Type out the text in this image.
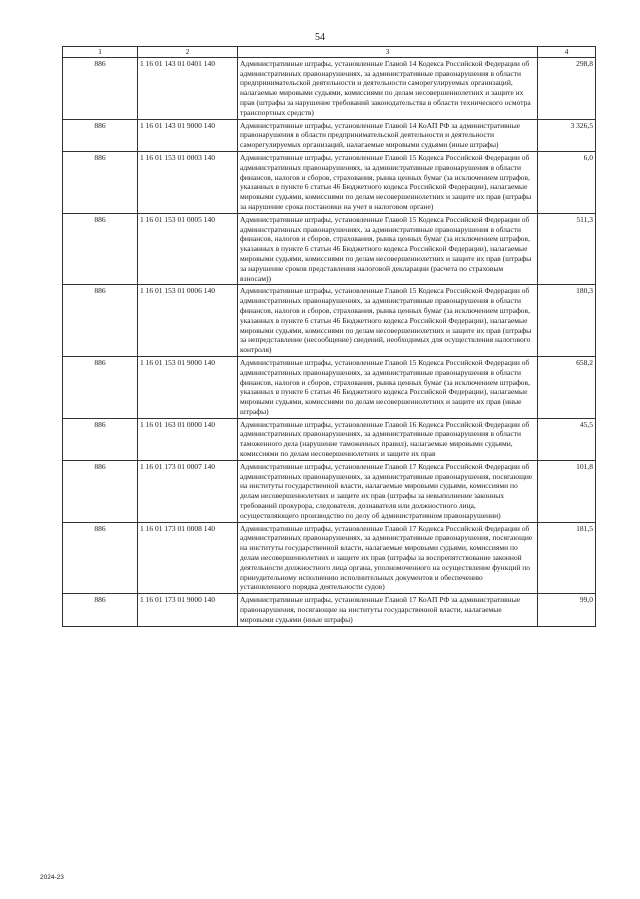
54
1	2	3	4
886	1 16 01 143 01 0401 140	Административные штрафы, установленные Главой 14 Кодекса Российской Федерации об административных правонарушениях, за административные правонарушения в области предпринимательской деятельности и деятельности саморегулируемых организаций, налагаемые мировыми судьями, комиссиями по делам несовершеннолетних и защите их прав (штрафы за нарушение требований законодательства в области технического осмотра транспортных средств)	298,8
886	1 16 01 143 01 9000 140	Административные штрафы, установленные Главой 14 КоАП РФ за административные правонарушения в области предпринимательской деятельности и деятельности саморегулируемых организаций, налагаемые мировыми судьями (иные штрафы)	3 326,5
886	1 16 01 153 01 0003 140	Административные штрафы, установленные Главой 15 Кодекса Российской Федерации об административных правонарушениях, за административные правонарушения в области финансов, налогов и сборов, страхования, рынка ценных бумаг (за исключением штрафов, указанных в пункте 6 статьи 46 Бюджетного кодекса Российской Федерации), налагаемые мировыми судьями, комиссиями по делам несовершеннолетних и защите их прав (штрафы за нарушение срока постановки на учет в налоговом органе)	6,0
886	1 16 01 153 01 0005 140	Административные штрафы, установленные Главой 15 Кодекса Российской Федерации об административных правонарушениях, за административные правонарушения в области финансов, налогов и сборов, страхования, рынка ценных бумаг (за исключением штрафов, указанных в пункте 6 статьи 46 Бюджетного кодекса Российской Федерации), налагаемые мировыми судьями, комиссиями по делам несовершеннолетних и защите их прав (штрафы за нарушение сроков представления налоговой декларации (расчета по страховым взносам))	511,3
886	1 16 01 153 01 0006 140	Административные штрафы, установленные Главой 15 Кодекса Российской Федерации об административных правонарушениях, за административные правонарушения в области финансов, налогов и сборов, страхования, рынка ценных бумаг (за исключением штрафов, указанных в пункте 6 статьи 46 Бюджетного кодекса Российской Федерации), налагаемые мировыми судьями, комиссиями по делам несовершеннолетних и защите их прав (штрафы за непредставление (несообщение) сведений, необходимых для осуществления налогового контроля)	180,3
886	1 16 01 153 01 9000 140	Административные штрафы, установленные Главой 15 Кодекса Российской Федерации об административных правонарушениях, за административные правонарушения в области финансов, налогов и сборов, страхования, рынка ценных бумаг (за исключением штрафов, указанных в пункте 6 статьи 46 Бюджетного кодекса Российской Федерации), налагаемые мировыми судьями, комиссиями по делам несовершеннолетних и защите их прав (иные штрафы)	658,2
886	1 16 01 163 01 0000 140	Административные штрафы, установленные Главой 16 Кодекса Российской Федерации об административных правонарушениях, за административные правонарушения в области таможенного дела (нарушение таможенных правил), налагаемые мировыми судьями, комиссиями по делам несовершеннолетних и защите их прав	45,5
886	1 16 01 173 01 0007 140	Административные штрафы, установленные Главой 17 Кодекса Российской Федерации об административных правонарушениях, за административные правонарушения, посягающие на институты государственной власти, налагаемые мировыми судьями, комиссиями по делам несовершеннолетних и защите их прав (штрафы за невыполнение законных требований прокурора, следователя, дознавателя или должностного лица, осуществляющего производство по делу об административном правонарушении)	101,8
886	1 16 01 173 01 0008 140	Административные штрафы, установленные Главой 17 Кодекса Российской Федерации об административных правонарушениях, за административные правонарушения, посягающие на институты государственной власти, налагаемые мировыми судьями, комиссиями по делам несовершеннолетних и защите их прав (штрафы за воспрепятствование законной деятельности должностного лица органа, уполномоченного на осуществление функций по принудительному исполнению исполнительных документов и обеспечению установленного порядка деятельности судов)	181,5
886	1 16 01 173 01 9000 140	Административные штрафы, установленные Главой 17 КоАП РФ за административные правонарушения, посягающие на институты государственной власти, налагаемые мировыми судьями (иные штрафы)	99,0
2024-23
